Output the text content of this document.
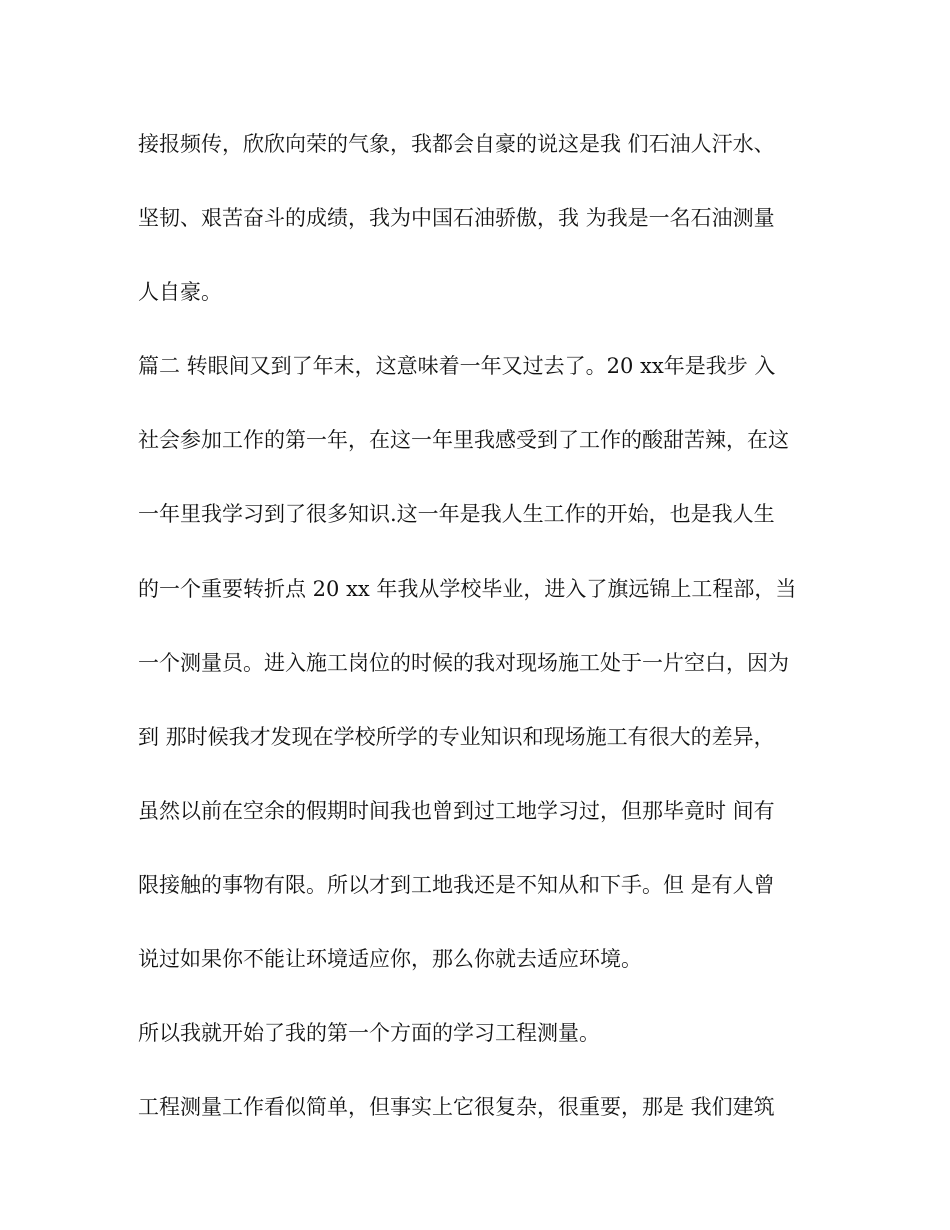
接报频传，欣欣向荣的气象，我都会自豪的说这是我 们石油人汗水、
坚韧、艰苦奋斗的成绩，我为中国石油骄傲，我 为我是一名石油测量
人自豪。
篇二 转眼间又到了年末，这意味着一年又过去了。20 xx年是我步 入
社会参加工作的第一年，在这一年里我感受到了工作的酸甜苦辣，在这
一年里我学习到了很多知识.这一年是我人生工作的开始，也是我人生
的一个重要转折点 20 xx 年我从学校毕业，进入了旗远锦上工程部，当
一个测量员。进入施工岗位的时候的我对现场施工处于一片空白，因为
到 那时候我才发现在学校所学的专业知识和现场施工有很大的差异，
虽然以前在空余的假期时间我也曾到过工地学习过，但那毕竟时 间有
限接触的事物有限。所以才到工地我还是不知从和下手。但 是有人曾
说过如果你不能让环境适应你，那么你就去适应环境。
所以我就开始了我的第一个方面的学习工程测量。
工程测量工作看似简单，但事实上它很复杂，很重要，那是 我们建筑
